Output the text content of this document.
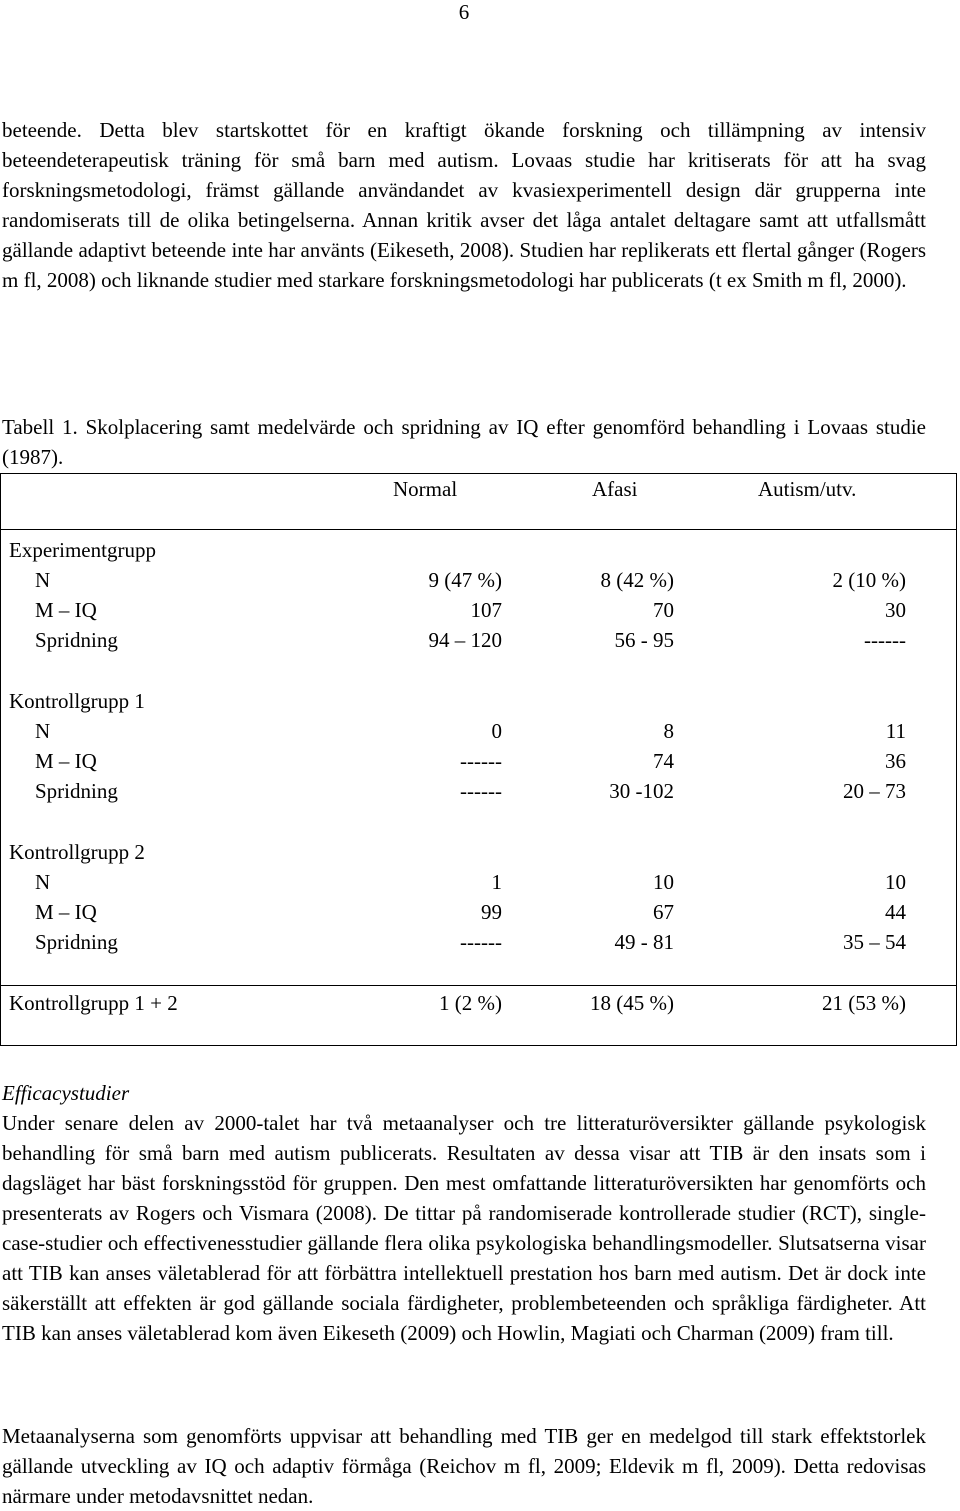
6

beteende. Detta blev startskottet för en kraftigt ökande forskning och tillämpning av intensiv beteendeterapeutisk träning för små barn med autism. Lovaas studie har kritiserats för att ha svag forskningsmetodologi, främst gällande användandet av kvasiexperimentell design där grupperna inte randomiserats till de olika betingelserna. Annan kritik avser det låga antalet deltagare samt att utfallsmått gällande adaptivt beteende inte har använts (Eikeseth, 2008). Studien har replikerats ett flertal gånger (Rogers m fl, 2008) och liknande studier med starkare forskningsmetodologi har publicerats (t ex Smith m fl, 2000).

Tabell 1. Skolplacering samt medelvärde och spridning av IQ efter genomförd behandling i Lovaas studie (1987).

Normal	Afasi	Autism/utv.
Experimentgrupp
N	9 (47 %)	8 (42 %)	2 (10 %)
M – IQ	107	70	30
Spridning	94 – 120	56 - 95	------
Kontrollgrupp 1
N	0	8	11
M – IQ	------	74	36
Spridning	------	30 -102	20 – 73
Kontrollgrupp 2
N	1	10	10
M – IQ	99	67	44
Spridning	------	49 - 81	35 – 54
Kontrollgrupp 1 + 2	1 (2 %)	18 (45 %)	21 (53 %)
Efficacystudier

Under senare delen av 2000-talet har två metaanalyser och tre litteraturöversikter gällande psykologisk behandling för små barn med autism publicerats. Resultaten av dessa visar att TIB är den insats som i dagsläget har bäst forskningsstöd för gruppen. Den mest omfattande litteraturöversikten har genomförts och presenterats av Rogers och Vismara (2008). De tittar på randomiserade kontrollerade studier (RCT), single-case-studier och effectivenesstudier gällande flera olika psykologiska behandlingsmodeller. Slutsatserna visar att TIB kan anses väletablerad för att förbättra intellektuell prestation hos barn med autism. Det är dock inte säkerställt att effekten är god gällande sociala färdigheter, problembeteenden och språkliga färdigheter. Att TIB kan anses väletablerad kom även Eikeseth (2009) och Howlin, Magiati och Charman (2009) fram till.

Metaanalyserna som genomförts uppvisar att behandling med TIB ger en medelgod till stark effektstorlek gällande utveckling av IQ och adaptiv förmåga (Reichov m fl, 2009; Eldevik m fl, 2009). Detta redovisas närmare under metodavsnittet nedan.
